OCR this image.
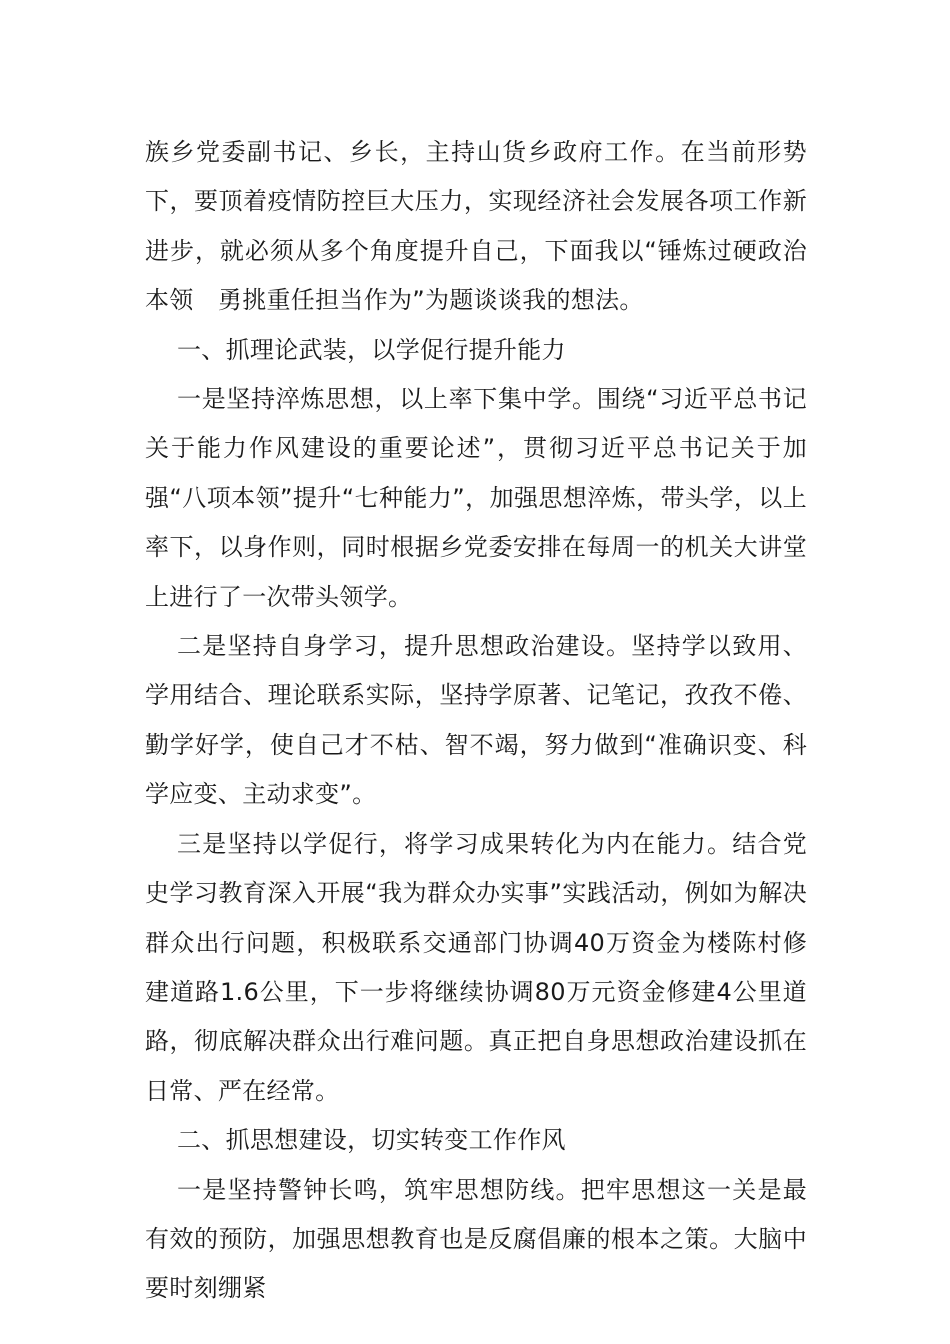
族乡党委副书记、乡长，主持山货乡政府工作。在当前形势下，要顶着疫情防控巨大压力，实现经济社会发展各项工作新进步，就必须从多个角度提升自己，下面我以“锤炼过硬政治本领　勇挑重任担当作为”为题谈谈我的想法。

一、抓理论武装，以学促行提升能力

一是坚持淬炼思想，以上率下集中学。围绕“习近平总书记关于能力作风建设的重要论述”，贯彻习近平总书记关于加强“八项本领”提升“七种能力”，加强思想淬炼，带头学，以上率下，以身作则，同时根据乡党委安排在每周一的机关大讲堂上进行了一次带头领学。

二是坚持自身学习，提升思想政治建设。坚持学以致用、学用结合、理论联系实际，坚持学原著、记笔记，孜孜不倦、勤学好学，使自己才不枯、智不竭，努力做到“准确识变、科学应变、主动求变”。

三是坚持以学促行，将学习成果转化为内在能力。结合党史学习教育深入开展“我为群众办实事”实践活动，例如为解决群众出行问题，积极联系交通部门协调40万资金为楼陈村修建道路1.6公里，下一步将继续协调80万元资金修建4公里道路，彻底解决群众出行难问题。真正把自身思想政治建设抓在日常、严在经常。

二、抓思想建设，切实转变工作作风

一是坚持警钟长鸣，筑牢思想防线。把牢思想这一关是最有效的预防，加强思想教育也是反腐倡廉的根本之策。大脑中要时刻绷紧
